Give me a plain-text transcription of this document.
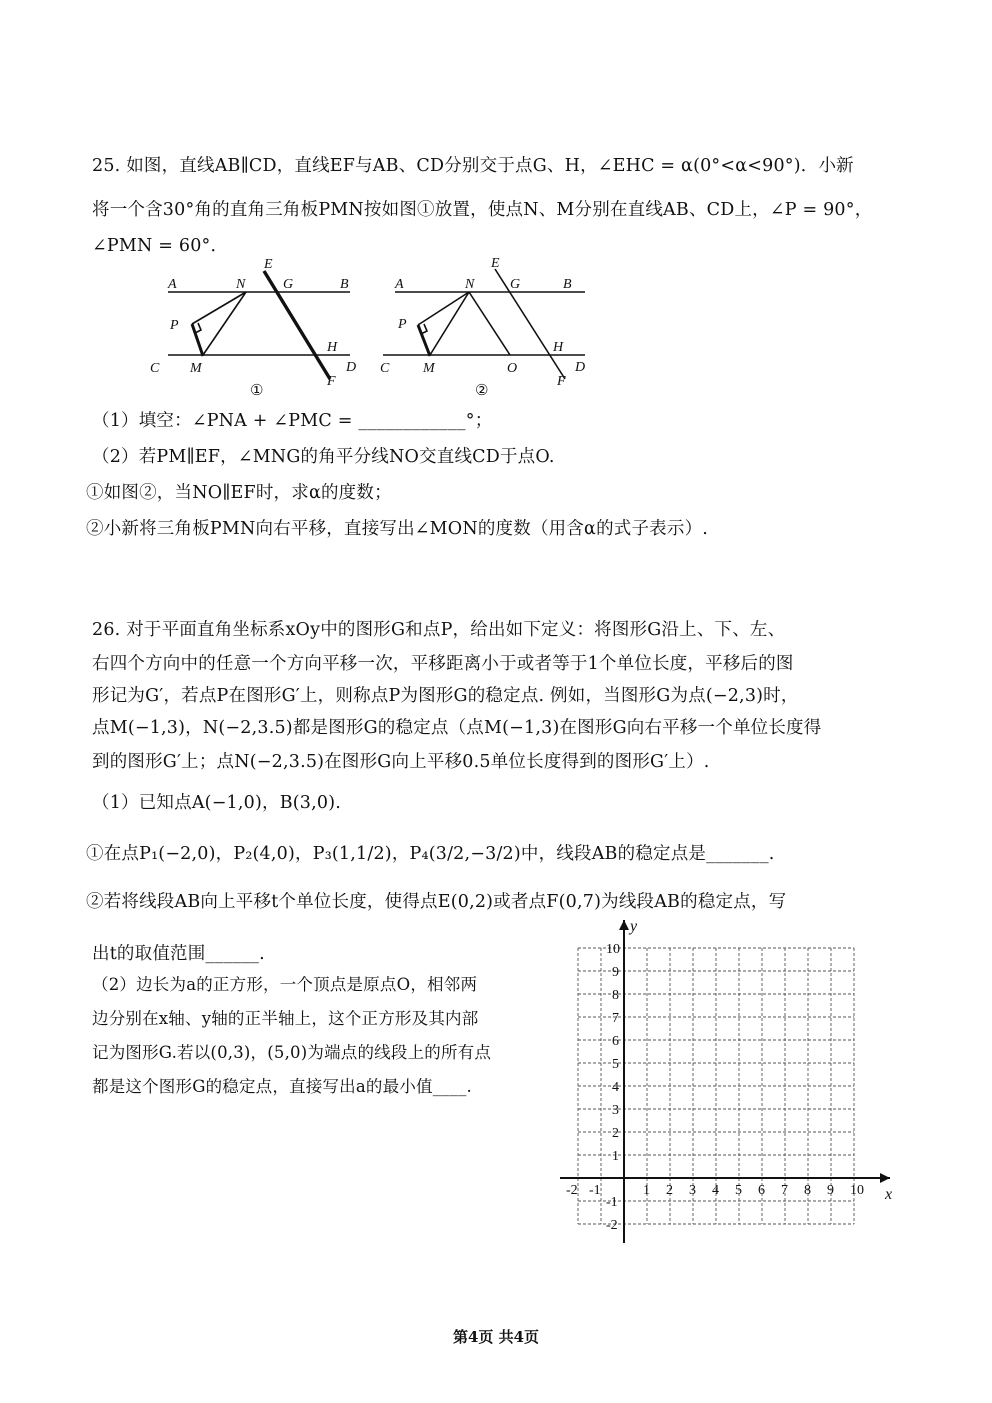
25. 如图，直线AB∥CD，直线EF与AB、CD分别交于点G、H，∠EHC = α(0°<α<90°)．小新
将一个含30°角的直角三角板PMN按如图①放置，使点N、M分别在直线AB、CD上，∠P = 90°，
∠PMN = 60°．
A	N
E
G	B
P
H
C M	D
F
①
A
E
N	G	B
P
H
C M	O	D
F
②
（1）填空：∠PNA + ∠PMC = ____________°；
（2）若PM∥EF，∠MNG的角平分线NO交直线CD于点O.
①如图②，当NO∥EF时，求α的度数；
②小新将三角板PMN向右平移，直接写出∠MON的度数（用含α的式子表示）.
26. 对于平面直角坐标系xOy中的图形G和点P，给出如下定义：将图形G沿上、下、左、
右四个方向中的任意一个方向平移一次，平移距离小于或者等于1个单位长度，平移后的图
形记为G′，若点P在图形G′上，则称点P为图形G的稳定点. 例如，当图形G为点(−2,3)时，
点M(−1,3)，N(−2,3.5)都是图形G的稳定点（点M(−1,3)在图形G向右平移一个单位长度得
到的图形G′上；点N(−2,3.5)在图形G向上平移0.5单位长度得到的图形G′上）.
（1）已知点A(−1,0)，B(3,0).
①在点P₁(−2,0)，P₂(4,0)，P₃(1,1/2)，P₄(3/2,−3/2)中，线段AB的稳定点是_______.
②若将线段AB向上平移t个单位长度，使得点E(0,2)或者点F(0,7)为线段AB的稳定点，写
出t的取值范围______.
（2）边长为a的正方形，一个顶点是原点O，相邻两
边分别在x轴、y轴的正半轴上，这个正方形及其内部
记为图形G.若以(0,3)，(5,0)为端点的线段上的所有点
都是这个图形G的稳定点，直接写出a的最小值____.
x
y
-2 -1	1 2 3 4 5 6 7 8 9 10
10
9
8
7
6
5
4
3
2
1
-1
-2
第4页 共4页
